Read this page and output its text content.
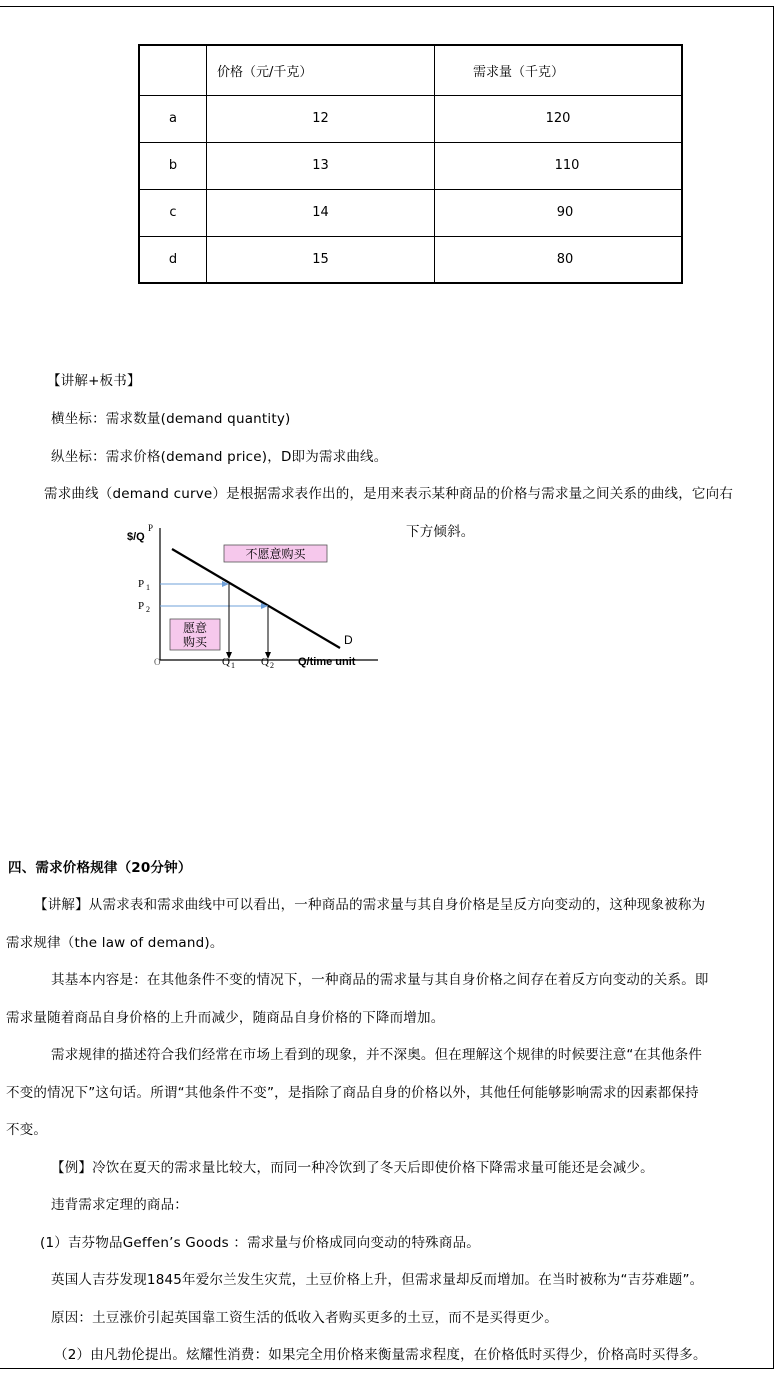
	价格（元/千克）	需求量（千克）
a	12	120
b	13	110
c	14	90
d	15	80
【讲解+板书】
横坐标：需求数量(demand quantity)
纵坐标：需求价格(demand price)，D即为需求曲线。
需求曲线（demand curve）是根据需求表作出的，是用来表示某种商品的价格与需求量之间关系的曲线，它向右
下方倾斜。
不愿意购买
愿意
购买
$/Q
P
P 1
P 2
O	Q 1 Q 2 Q/time unit
D
四、需求价格规律（20分钟）
【讲解】从需求表和需求曲线中可以看出，一种商品的需求量与其自身价格是呈反方向变动的，这种现象被称为
需求规律（the law of demand)。
其基本内容是：在其他条件不变的情况下，一种商品的需求量与其自身价格之间存在着反方向变动的关系。即
需求量随着商品自身价格的上升而减少，随商品自身价格的下降而增加。
需求规律的描述符合我们经常在市场上看到的现象，并不深奥。但在理解这个规律的时候要注意“在其他条件
不变的情况下”这句话。所谓“其他条件不变”，是指除了商品自身的价格以外，其他任何能够影响需求的因素都保持
不变。
【例】冷饮在夏天的需求量比较大，而同一种冷饮到了冬天后即使价格下降需求量可能还是会减少。
违背需求定理的商品：
(1）吉芬物品Geffen’s Goods ：需求量与价格成同向变动的特殊商品。
英国人吉芬发现1845年爱尔兰发生灾荒，土豆价格上升，但需求量却反而增加。在当时被称为“吉芬难题”。
原因：土豆涨价引起英国靠工资生活的低收入者购买更多的土豆，而不是买得更少。
（2）由凡勃伦提出。炫耀性消费：如果完全用价格来衡量需求程度，在价格低时买得少，价格高时买得多。
